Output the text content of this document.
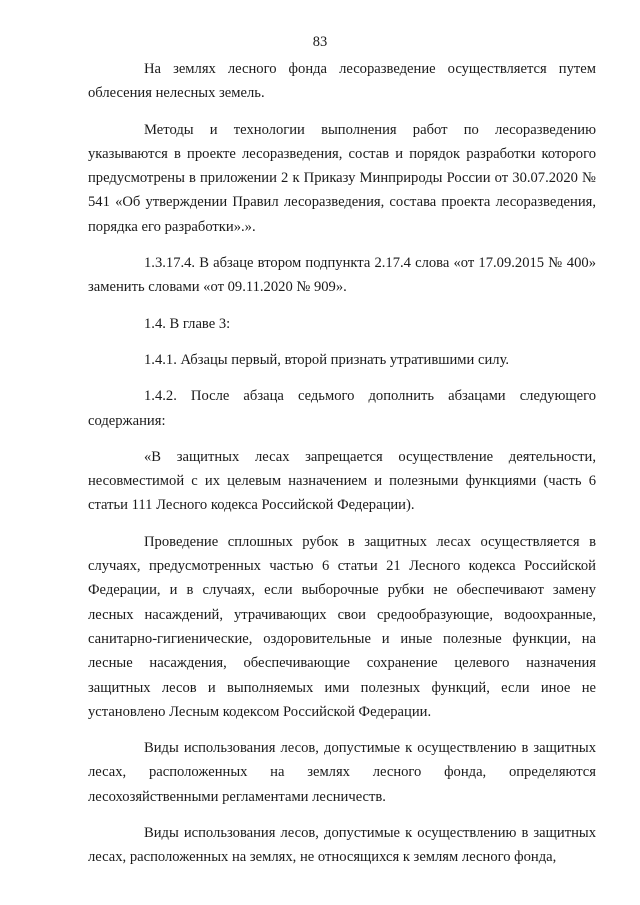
83

На землях лесного фонда лесоразведение осуществляется путем облесения нелесных земель.

Методы и технологии выполнения работ по лесоразведению указываются в проекте лесоразведения, состав и порядок разработки которого предусмотрены в приложении 2 к Приказу Минприроды России от 30.07.2020 № 541 «Об утверждении Правил лесоразведения, состава проекта лесоразведения, порядка его разработки».».

1.3.17.4. В абзаце втором подпункта 2.17.4 слова «от 17.09.2015 № 400» заменить словами «от 09.11.2020 № 909».

1.4. В главе 3:

1.4.1. Абзацы первый, второй признать утратившими силу.

1.4.2. После абзаца седьмого дополнить абзацами следующего содержания:

«В защитных лесах запрещается осуществление деятельности, несовместимой с их целевым назначением и полезными функциями (часть 6 статьи 111 Лесного кодекса Российской Федерации).

Проведение сплошных рубок в защитных лесах осуществляется в случаях, предусмотренных частью 6 статьи 21 Лесного кодекса Российской Федерации, и в случаях, если выборочные рубки не обеспечивают замену лесных насаждений, утрачивающих свои средообразующие, водоохранные, санитарно-гигиенические, оздоровительные и иные полезные функции, на лесные насаждения, обеспечивающие сохранение целевого назначения защитных лесов и выполняемых ими полезных функций, если иное не установлено Лесным кодексом Российской Федерации.

Виды использования лесов, допустимые к осуществлению в защитных лесах, расположенных на землях лесного фонда, определяются лесохозяйственными регламентами лесничеств.

Виды использования лесов, допустимые к осуществлению в защитных лесах, расположенных на землях, не относящихся к землям лесного фонда,
